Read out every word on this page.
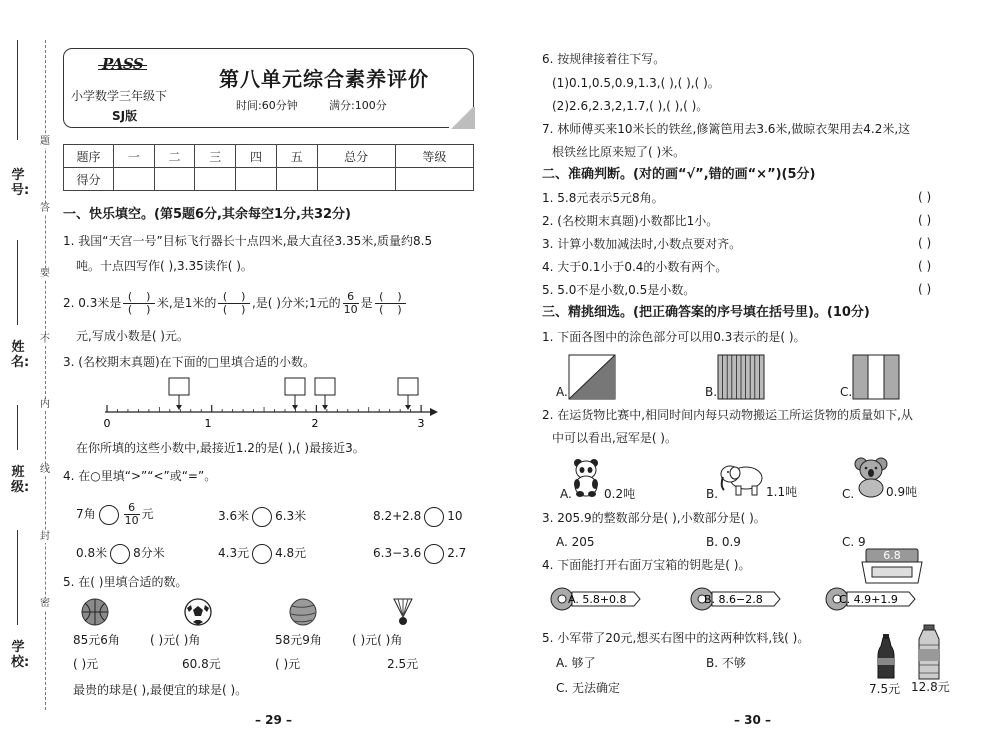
学号:
姓名:
班级:
学校:
题
答
要
不
内
线
封
密
PASS
小学数学三年级下
SJ版
第八单元综合素养评价
时间:60分钟	满分:100分
题序	一	二	三	四	五	总分	等级
得分							
一、快乐填空。(第5题6分,其余每空1分,共32分)
1. 我国“天宫一号”目标飞行器长十点四米,最大直径3.35米,质量约8.5
吨。十点四写作( ),3.35读作( )。
2. 0.3米是 $\frac{( )}{( )}$ 米,是1米的 $\frac{( )}{( )}$ ,是( )分米;1元的 $\frac{6}{10}$ 是 $\frac{( )}{( )}$
元,写成小数是( )元。
3. (名校期末真题)在下面的□里填合适的小数。
0	1	2	3
在你所填的这些小数中,最接近1.2的是( ),( )最接近3。
4. 在○里填“>”“<”或“=”。
7角	$\frac{6}{10}$ 元	3.6米 6.3米	8.2+2.8 10
0.8米 8分米	4.3元 4.8元	6.3−3.6 2.7
5. 在( )里填合适的数。
85元6角	( )元( )角	58元9角	( )元( )角
( )元	60.8元	( )元	2.5元
最贵的球是( ),最便宜的球是( )。
– 29 –
6. 按规律接着往下写。
(1)0.1,0.5,0.9,1.3,( ),( ),( )。
(2)2.6,2.3,2,1.7,( ),( ),( )。
7. 林师傅买来10米长的铁丝,修篱笆用去3.6米,做晾衣架用去4.2米,这
根铁丝比原来短了( )米。
二、准确判断。(对的画“√”,错的画“×”)(5分)
1. 5.8元表示5元8角。	( )
2. (名校期末真题)小数都比1小。	( )
3. 计算小数加减法时,小数点要对齐。	( )
4. 大于0.1小于0.4的小数有两个。	( )
5. 5.0不是小数,0.5是小数。	( )
三、精挑细选。(把正确答案的序号填在括号里)。(10分)
1. 下面各图中的涂色部分可以用0.3表示的是( )。
A.	B.	C.
2. 在运货物比赛中,相同时间内每只动物搬运工所运货物的质量如下,从
中可以看出,冠军是( )。
A.	0.2吨	B.	1.1吨	C.	0.9吨
3. 205.9的整数部分是( ),小数部分是( )。
A. 205	B. 0.9	C. 9
4. 下面能打开右面万宝箱的钥匙是( )。
6.8
A. 5.8+0.8	B. 8.6−2.8	C. 4.9+1.9
5. 小军带了20元,想买右图中的这两种饮料,钱( )。
A. 够了	B. 不够
C. 无法确定	7.5元 12.8元
– 30 –
